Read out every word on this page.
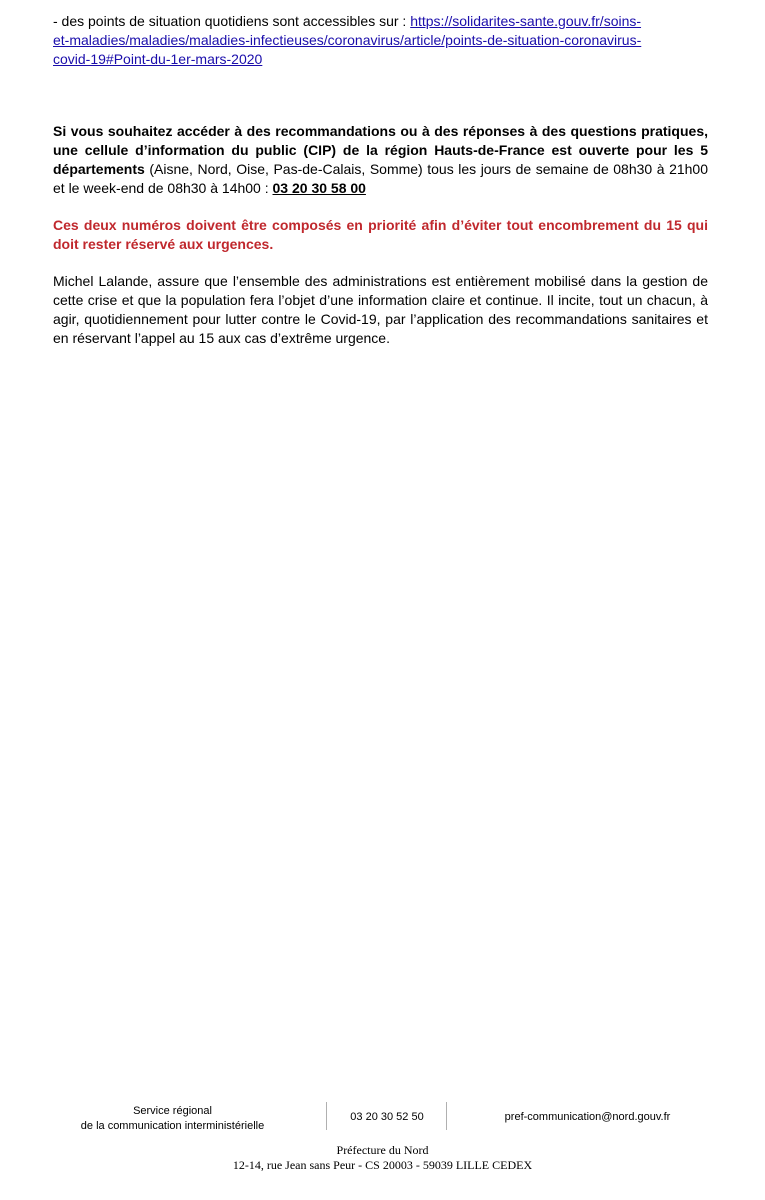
- des points de situation quotidiens sont accessibles sur : https://solidarites-sante.gouv.fr/soins-

et-maladies/maladies/maladies-infectieuses/coronavirus/article/points-de-situation-coronavirus-

covid-19#Point-du-1er-mars-2020

Si vous souhaitez accéder à des recommandations ou à des réponses à des questions pratiques, une cellule d’information du public (CIP) de la région Hauts-de-France est ouverte pour les 5 départements (Aisne, Nord, Oise, Pas-de-Calais, Somme) tous les jours de semaine de 08h30 à 21h00 et le week-end de 08h30 à 14h00 : 03 20 30 58 00

Ces deux numéros doivent être composés en priorité afin d’éviter tout encombrement du 15 qui doit rester réservé aux urgences.

Michel Lalande, assure que l’ensemble des administrations est entièrement mobilisé dans la gestion de cette crise et que la population fera l’objet d’une information claire et continue. Il incite, tout un chacun, à agir, quotidiennement pour lutter contre le Covid-19, par l’application des recommandations sanitaires et en réservant l’appel au 15 aux cas d’extrême urgence.

Service régional
de la communication interministérielle
03 20 30 52 50	pref-communication@nord.gouv.fr
Préfecture du Nord
12-14, rue Jean sans Peur - CS 20003 - 59039 LILLE CEDEX
